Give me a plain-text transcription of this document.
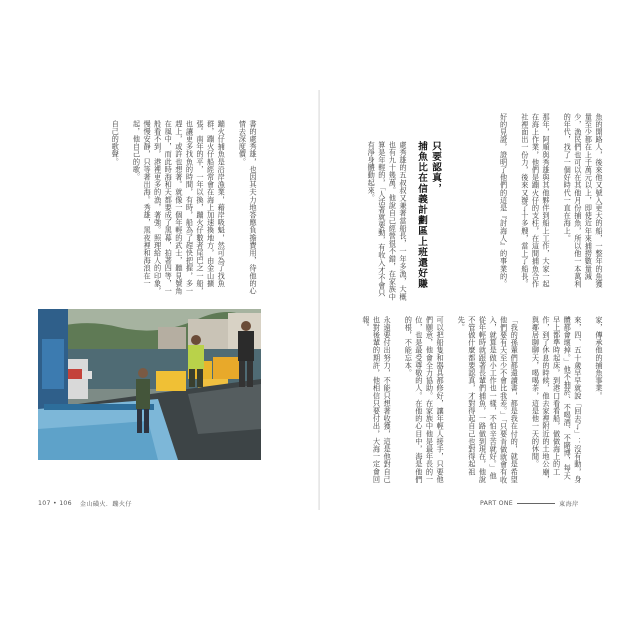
書的處秀雄，也因其夫力地答應負擔費用，待他的心情去深度價。

蹦火仔捕魚是沿岸漁業，藉岸吸魁，然可為了找魚群，蹦火仔船經常會在海上加速換地方，由金山擴張。南年的平，一年以換，蹦火仔數者尾巴之一船，也讓更多找魚的時間，有時，船為了趕快把握，多一趕上，或許也想著。就像一個年輕的武士，聽見號角在風中，而此時海和天都要成了黑幕，拍著四等，一般看不到，港裡更多的漁，著強。照理給人的印象，慢慢安靜，只等著出海。秀雄，黑夜裡和海浪在一起，他自己的歌。

自己的歌聲。

107 • 106 金山磺火．蹦火仔

魚的開路人，後來他又號入更大的船，一整年的魚獲量至少都在上千萬元以上，即使近年來捕撈數量減少，漁民們也可以在其他月份捕魚，所以他一本萬利的年代，找了一個好時代一直在海上。

那年，阿順與秀雄與其他夥伴到船上工作，大家一起在海上作業，他們是蹦火仔的支柱，在這間捕魚合作社裡面出一份力，後來又辦了十多艘，當上了船長。

好的見證，證明了他們的這是『討海人』的事業的。

只要認真，
捕魚比在信義計劃區上班還好賺

處秀雄的五叔叔又兼著當船長，一年多漁，大概也有九十幾萬。他說自己經營很不錯，在家族中算是年輕的，「人活著就要動，有收入才不會只有淨身體動起來。

家，傳承他的捕魚事業。

來，四、五十歲早早就說「回去了」：沒有動，身體都會壞掉。」他不抽菸、不喝酒、不賭博，每天早上都準時起床，到港口看看船，做做海上的工作，到了休息的時候，他去家裡附近的土地公廟，與鄰居聊聊天，喝喝茶，這是他一天的休閒。

「我的孫輩們都還讀書，都是我在付的，就是希望他們要有天至少不會比我差。」「只要肯做就會有收入，就算是做小工作也一樣，不怕辛苦就好。」他從年輕時就跟著長輩們捕魚，一路做到現在，他說不管做什麼都要認真，才對得起自己也對得起祖先。

可以把船隻和器具都修好，讓年輕人接手，只要他們願意，他會全力協助。在家族中他是最年長的一位，也是最受尊敬的人。在他的心目中，海是他們的根，不能忘本。

永遠要付出努力，不能只想著收獲，這是他對自己也對後輩的期許，他相信只要付出，大海一定會回報。

PART ONE	東海岸
